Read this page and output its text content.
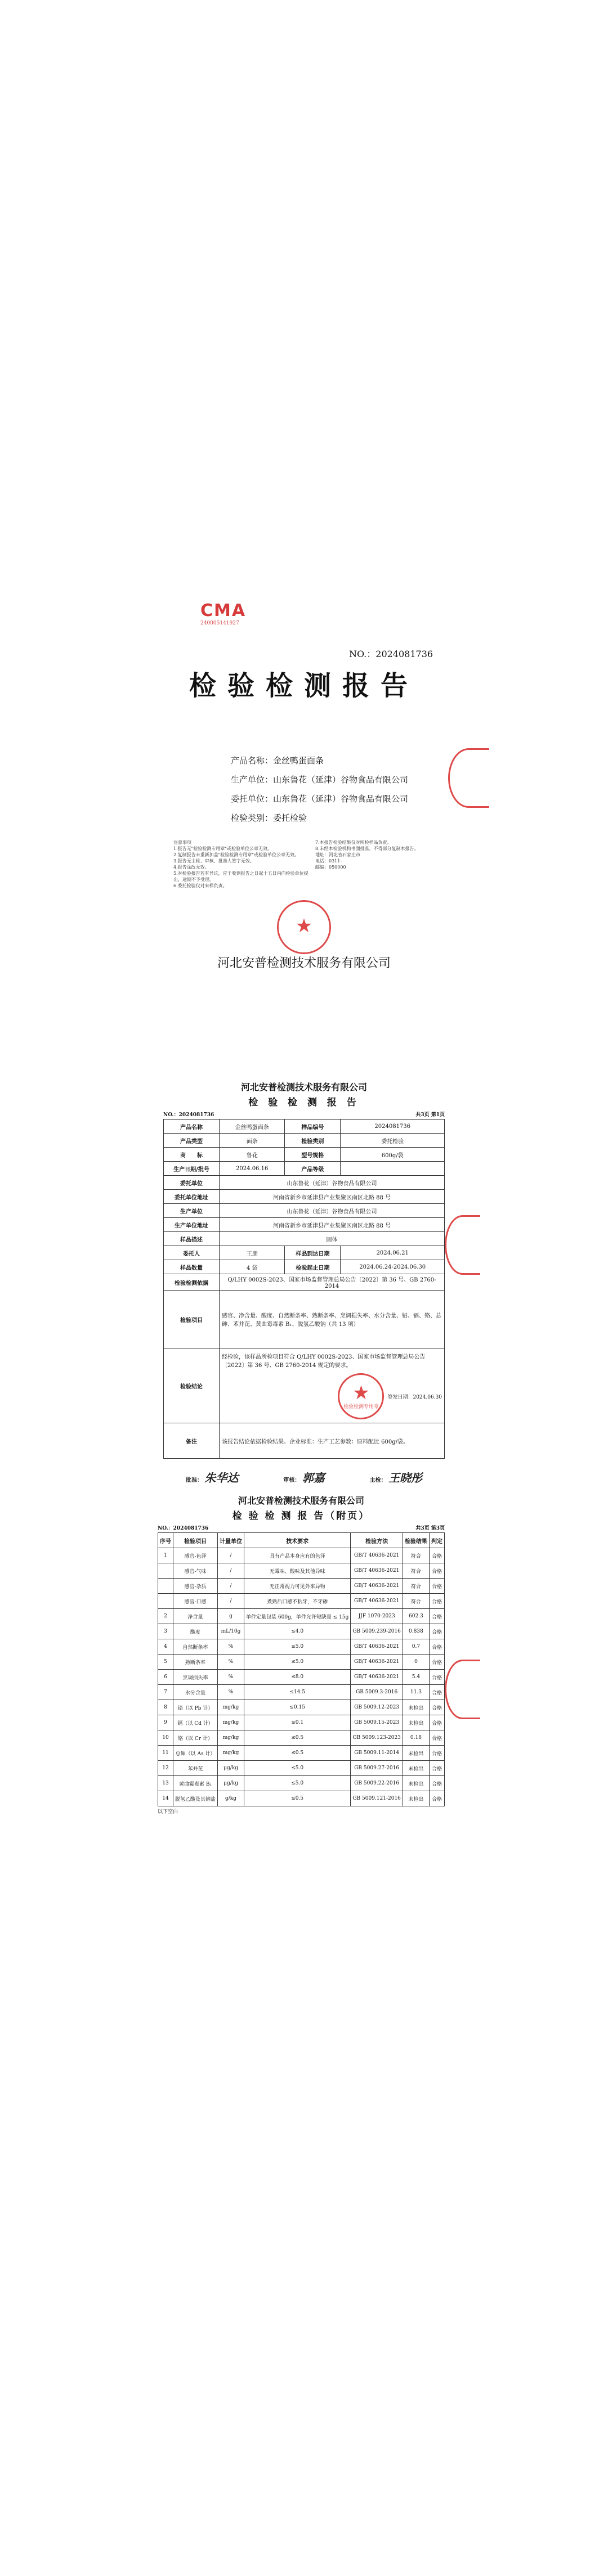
注意事项
1.报告无"检验检测专用章"或检验单位公章无效。
2.复制报告未重新加盖"检验检测专用章"或检验单位公章无效。
3.报告无主检、审核、批准人签字无效。
4.报告涂改无效。
5.对检验报告若有异议，应于收到报告之日起十五日内向检验单位提出，逾期不予受理。
6.委托检验仅对来样负责。
7.本报告检验结果仅对所检样品负责。
8.未经本检验机构书面批准，不得部分复制本报告。
地址：河北省石家庄市
电话：0311-
邮编：050000
CMA
240005141927
NO.：2024081736
检验检测报告
产品名称：金丝鸭蛋面条
生产单位：山东鲁花（延津）谷物食品有限公司
委托单位：山东鲁花（延津）谷物食品有限公司
检验类别：委托检验
★
河北安普检测技术服务有限公司
河北安普检测技术服务有限公司
检 验 检 测 报 告
NO.：2024081736	共3页 第1页
产品名称	金丝鸭蛋面条	样品编号	2024081736
产品类型	面条	检验类别	委托检验
商　　标	鲁花	型号规格	600g/袋
生产日期/批号	2024.06.16	产品等级	
委托单位	山东鲁花（延津）谷物食品有限公司		
委托单位地址	河南省新乡市延津县产业集聚区南区北路 88 号		
生产单位	山东鲁花（延津）谷物食品有限公司		
生产单位地址	河南省新乡市延津县产业集聚区南区北路 88 号		
样品描述	固体		
委托人	王朋	样品到达日期	2024.06.21
样品数量	4 袋	检验起止日期	2024.06.24-2024.06.30
检验检测依据	Q/LHY 0002S-2023、国家市场监督管理总局公告〔2022〕第 36 号、GB 2760-2014		
检验项目	感官、净含量、酸度、自然断条率、熟断条率、烹调损失率、水分含量、铅、镉、铬、总砷、苯并芘、黄曲霉毒素 B₁、脱氢乙酸钠（共 13 项）		
检验结论	经检验，该样品所检项目符合 Q/LHY 0002S-2023、国家市场监督管理总局公告〔2022〕第 36 号、GB 2760-2014 规定的要求。
★
检验检测专用章
签发日期：2024.06.30		

备注	该报告结论依据检验结果。企业标准：生产工艺参数：原料配比 600g/袋。		
批准： 朱华达	审核： 郭嘉	主检： 王晓彤
河北安普检测技术服务有限公司
检 验 检 测 报 告（附页）
NO.：2024081736	共3页 第3页
序号	检验项目	计量单位	技术要求	检验方法	检验结果	判定
1	感官-色泽	/	具有产品本身应有的色泽	GB/T 40636-2021	符合	合格
	感官-气味	/	无霉味、酸味及其他异味	GB/T 40636-2021	符合	合格
	感官-杂质	/	无正常视力可见外来异物	GB/T 40636-2021	符合	合格
	感官-口感	/	煮熟后口感不粘牙，不牙碜	GB/T 40636-2021	符合	合格
2	净含量	g	单件定量包装 600g，单件允许短缺量 ≤ 15g	JJF 1070-2023	602.3	合格
3	酸度	mL/10g	≤4.0	GB 5009.239-2016	0.838	合格
4	自然断条率	%	≤5.0	GB/T 40636-2021	0.7	合格
5	熟断条率	%	≤5.0	GB/T 40636-2021	0	合格
6	烹调损失率	%	≤8.0	GB/T 40636-2021	5.4	合格
7	水分含量	%	≤14.5	GB 5009.3-2016	11.3	合格
8	铅（以 Pb 计）	mg/kg	≤0.15	GB 5009.12-2023	未检出	合格
9	镉（以 Cd 计）	mg/kg	≤0.1	GB 5009.15-2023	未检出	合格
10	铬（以 Cr 计）	mg/kg	≤0.5	GB 5009.123-2023	0.18	合格
11	总砷（以 As 计）	mg/kg	≤0.5	GB 5009.11-2014	未检出	合格
12	苯并芘	μg/kg	≤5.0	GB 5009.27-2016	未检出	合格
13	黄曲霉毒素 B₁	μg/kg	≤5.0	GB 5009.22-2016	未检出	合格
14	脱氢乙酸及其钠盐	g/kg	≤0.5	GB 5009.121-2016	未检出	合格
以下空白
